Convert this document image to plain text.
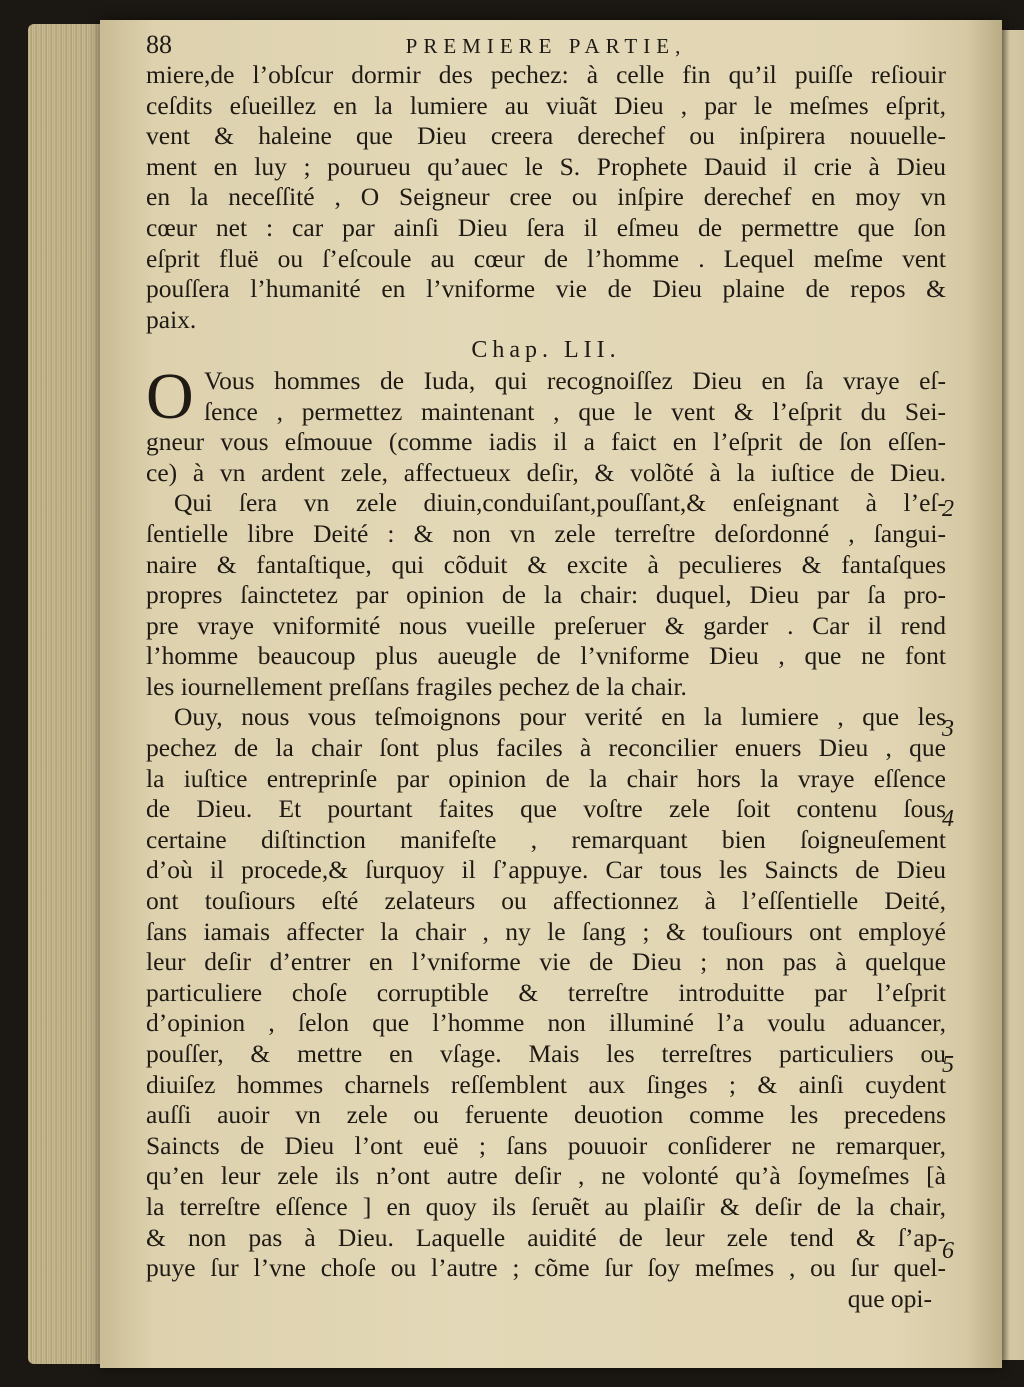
88	PREMIERE PARTIE,
miere,de l’obſcur dormir des pechez: à celle fin qu’il puiſſe reſiouir
ceſdits eſueillez en la lumiere au viuãt Dieu , par le meſmes eſprit,
vent & haleine que Dieu creera derechef ou inſpirera nouuelle-
ment en luy ; pourueu qu’auec le S. Prophete Dauid il crie à Dieu
en la neceſſité , O Seigneur cree ou inſpire derechef en moy vn
cœur net : car par ainſi Dieu ſera il eſmeu de permettre que ſon
eſprit fluë ou ſ’eſcoule au cœur de l’homme . Lequel meſme vent
pouſſera l’humanité en l’vniforme vie de Dieu plaine de repos &
paix.
Chap. LII.
O Vous hommes de Iuda, qui recognoiſſez Dieu en ſa vraye eſ-
ſence , permettez maintenant , que le vent & l’eſprit du Sei-
gneur vous eſmouue (comme iadis il a faict en l’eſprit de ſon eſſen-
ce) à vn ardent zele, affectueux deſir, & volõté à la iuſtice de Dieu.
Qui ſera vn zele diuin,conduiſant,pouſſant,& enſeignant à l’eſ-
ſentielle libre Deité : & non vn zele terreſtre deſordonné , ſangui-
naire & fantaſtique, qui cõduit & excite à peculieres & fantaſques
propres ſainctetez par opinion de la chair: duquel, Dieu par ſa pro-
pre vraye vniformité nous vueille preſeruer & garder . Car il rend
l’homme beaucoup plus aueugle de l’vniforme Dieu , que ne font
les iournellement preſſans fragiles pechez de la chair.
Ouy, nous vous teſmoignons pour verité en la lumiere , que les
pechez de la chair ſont plus faciles à reconcilier enuers Dieu , que
la iuſtice entreprinſe par opinion de la chair hors la vraye eſſence
de Dieu. Et pourtant faites que voſtre zele ſoit contenu ſous
certaine diſtinction manifeſte , remarquant bien ſoigneuſement
d’où il procede,& ſurquoy il ſ’appuye. Car tous les Saincts de Dieu
ont touſiours eſté zelateurs ou affectionnez à l’eſſentielle Deité,
ſans iamais affecter la chair , ny le ſang ; & touſiours ont employé
leur deſir d’entrer en l’vniforme vie de Dieu ; non pas à quelque
particuliere choſe corruptible & terreſtre introduitte par l’eſprit
d’opinion , ſelon que l’homme non illuminé l’a voulu aduancer,
pouſſer, & mettre en vſage. Mais les terreſtres particuliers ou
diuiſez hommes charnels reſſemblent aux ſinges ; & ainſi cuydent
auſſi auoir vn zele ou feruente deuotion comme les precedens
Saincts de Dieu l’ont euë ; ſans pouuoir conſiderer ne remarquer,
qu’en leur zele ils n’ont autre deſir , ne volonté qu’à ſoymeſmes [à
la terreſtre eſſence ] en quoy ils ſeruẽt au plaiſir & deſir de la chair,
& non pas à Dieu. Laquelle auidité de leur zele tend & ſ’ap-
puye ſur l’vne choſe ou l’autre ; cõme ſur ſoy meſmes , ou ſur quel-
que opi-
2
3
4
5
6
